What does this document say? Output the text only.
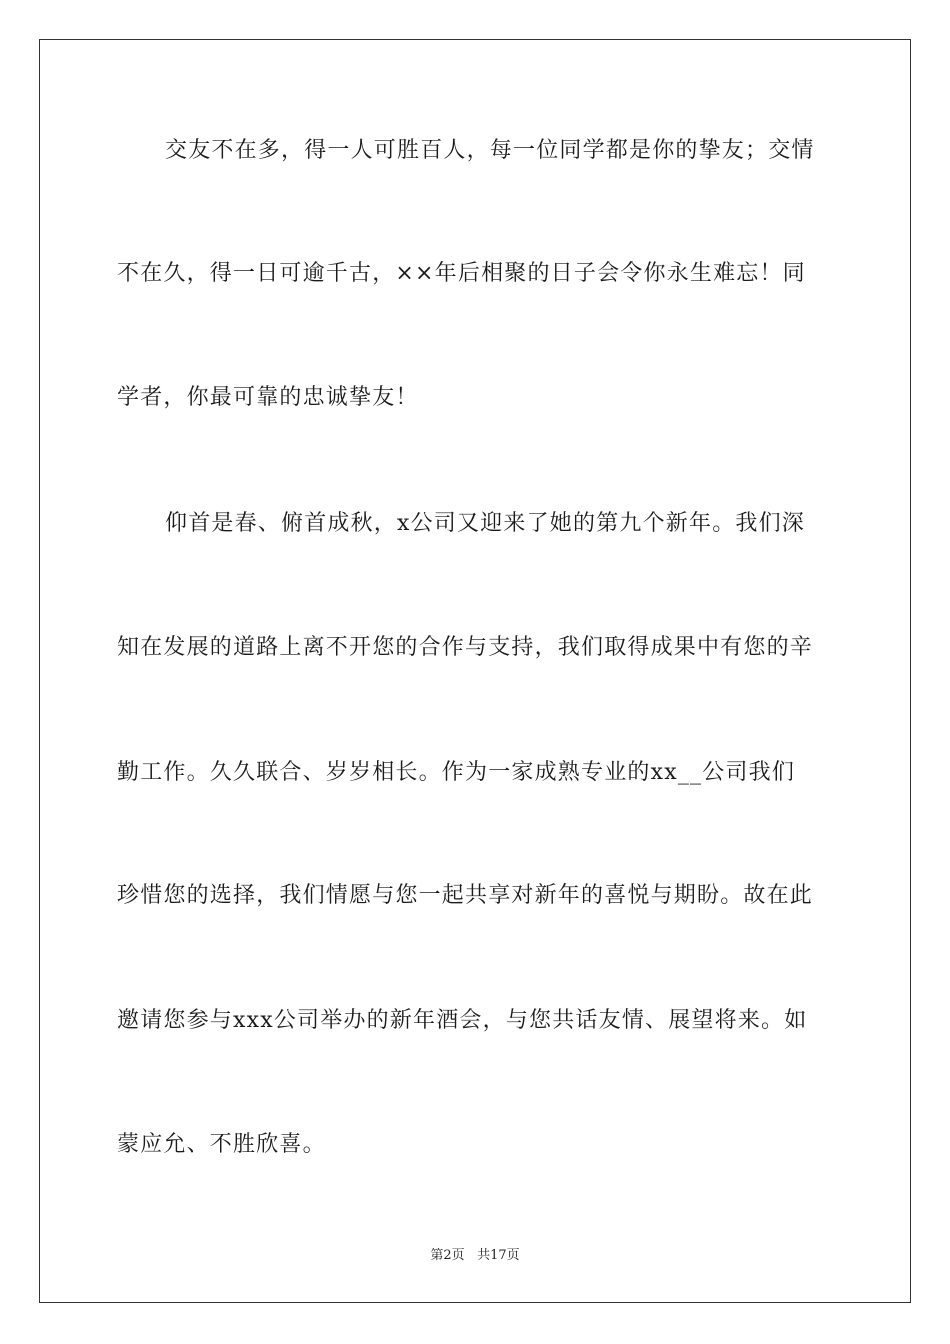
交友不在多，得一人可胜百人，每一位同学都是你的挚友；交情
不在久，得一日可逾千古，××年后相聚的日子会令你永生难忘！同
学者，你最可靠的忠诚挚友！
仰首是春、俯首成秋，x公司又迎来了她的第九个新年。我们深
知在发展的道路上离不开您的合作与支持，我们取得成果中有您的辛
勤工作。久久联合、岁岁相长。作为一家成熟专业的xx__公司我们
珍惜您的选择，我们情愿与您一起共享对新年的喜悦与期盼。故在此
邀请您参与xxx公司举办的新年酒会，与您共话友情、展望将来。如
蒙应允、不胜欣喜。
第2页 共17页
